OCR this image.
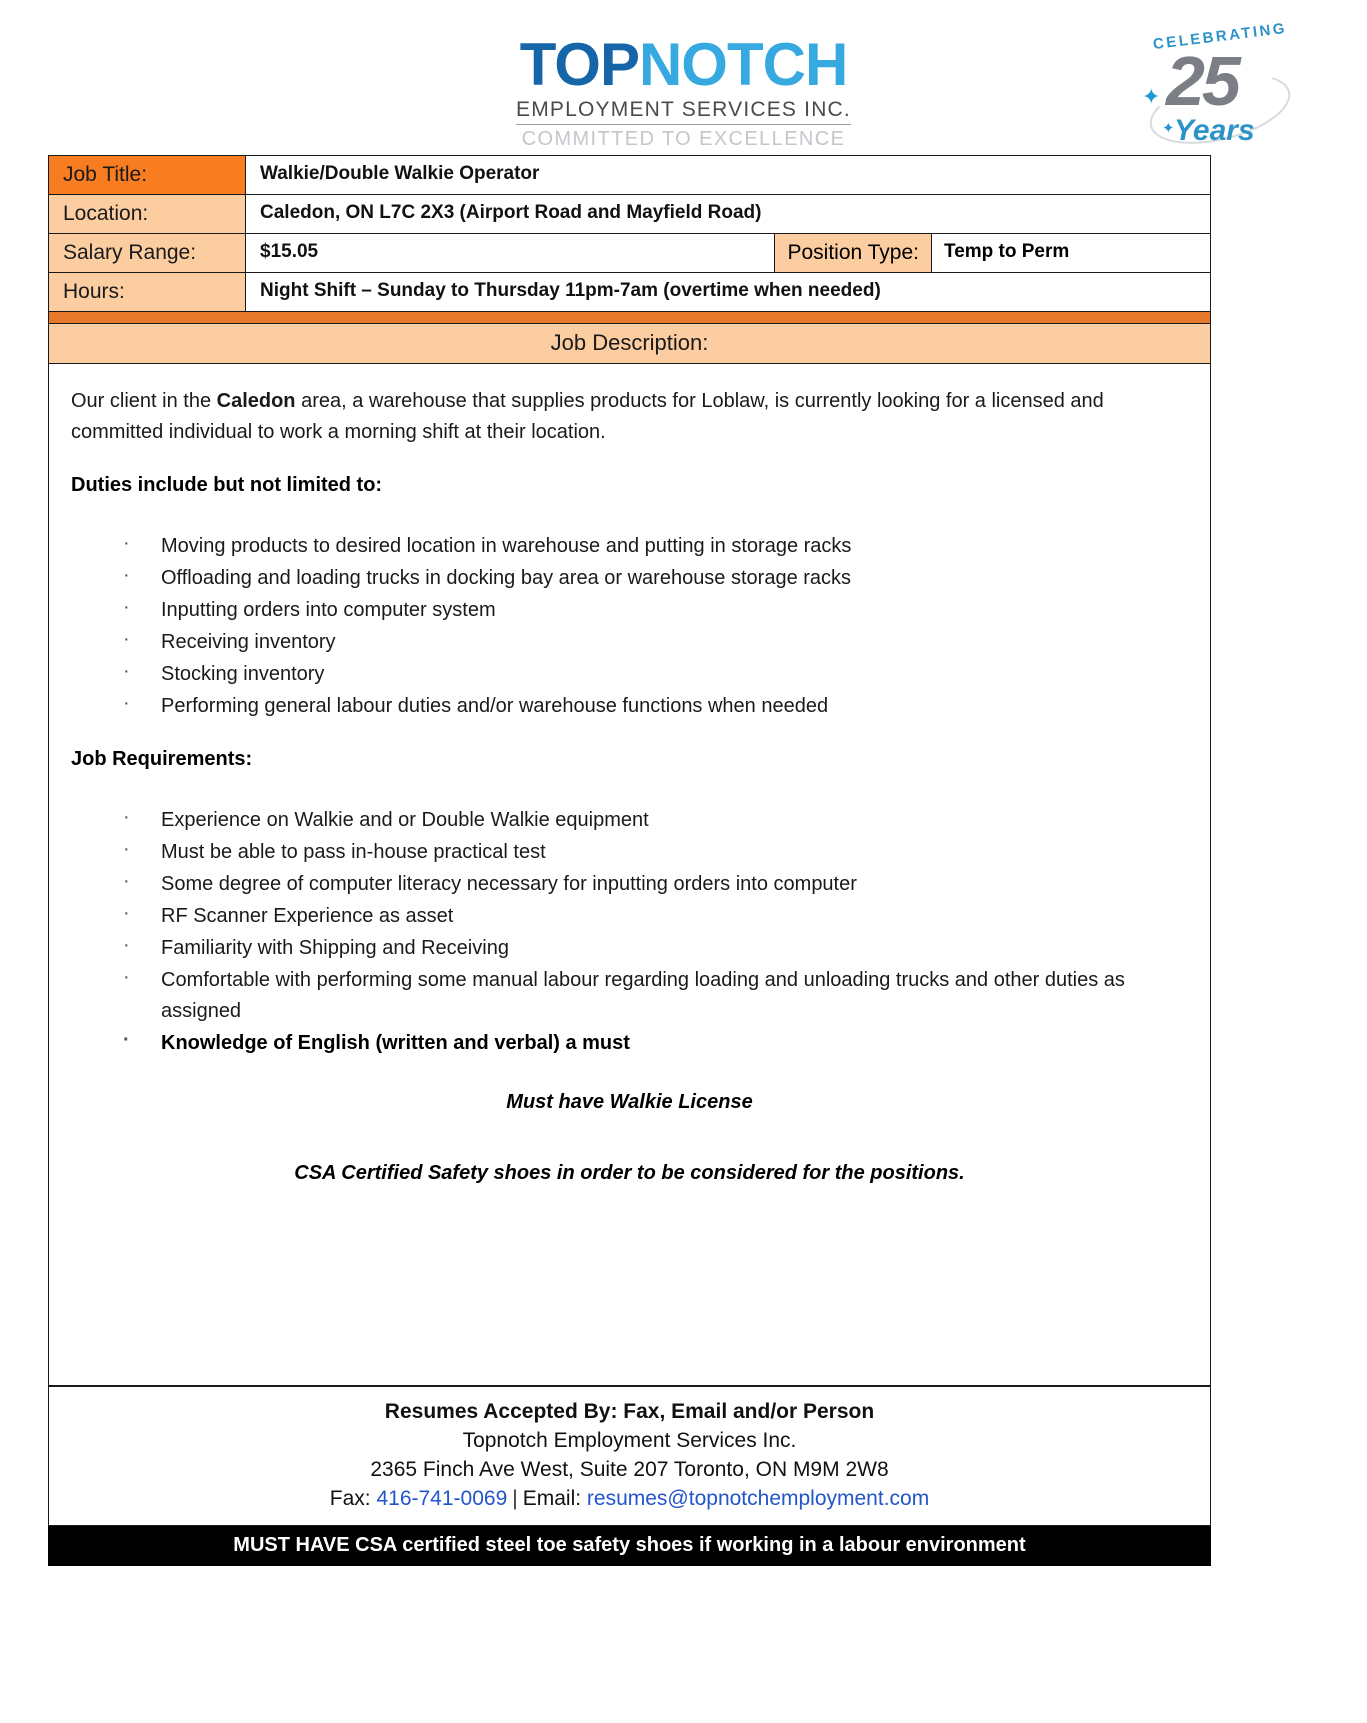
TOPNOTCH
EMPLOYMENT SERVICES INC.
COMMITTED TO EXCELLENCE
CELEBRATING
✦
✦
25
Years
Job Title:	Walkie/Double Walkie Operator
Location:	Caledon, ON L7C 2X3 (Airport Road and Mayfield Road)
Salary Range:	$15.05	Position Type:	Temp to Perm
Hours:	Night Shift – Sunday to Thursday 11pm-7am (overtime when needed)
Job Description:

Our client in the Caledon area, a warehouse that supplies products for Loblaw, is currently looking for a licensed and committed individual to work a morning shift at their location.

Duties include but not limited to:
· Moving products to desired location in warehouse and putting in storage racks
· Offloading and loading trucks in docking bay area or warehouse storage racks
· Inputting orders into computer system
· Receiving inventory
· Stocking inventory
· Performing general labour duties and/or warehouse functions when needed
Job Requirements:
· Experience on Walkie and or Double Walkie equipment
· Must be able to pass in-house practical test
· Some degree of computer literacy necessary for inputting orders into computer
· RF Scanner Experience as asset
· Familiarity with Shipping and Receiving
· Comfortable with performing some manual labour regarding loading and unloading trucks and other duties as assigned
· Knowledge of English (written and verbal) a must

Must have Walkie License

CSA Certified Safety shoes in order to be considered for the positions.

Resumes Accepted By: Fax, Email and/or Person
Topnotch Employment Services Inc.
2365 Finch Ave West, Suite 207 Toronto, ON M9M 2W8
Fax: 416-741-0069 | Email: resumes@topnotchemployment.com
MUST HAVE CSA certified steel toe safety shoes if working in a labour environment
